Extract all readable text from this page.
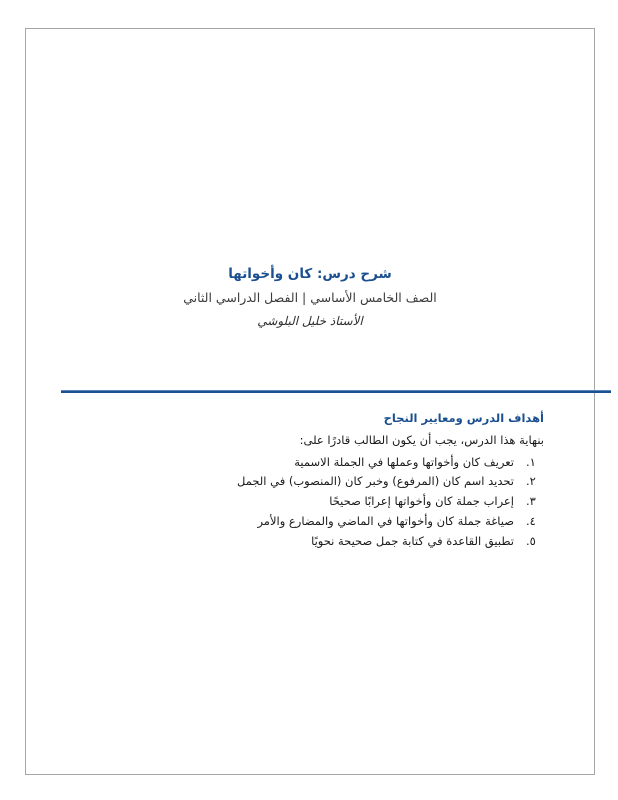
شرح درس: كان وأخواتها
الصف الخامس الأساسي | الفصل الدراسي الثاني
الأستاذ خليل البلوشي
أهداف الدرس ومعايير النجاح

بنهاية هذا الدرس، يجب أن يكون الطالب قادرًا على:

١.
تعريف كان وأخواتها وعملها في الجملة الاسمية
٢.
تحديد اسم كان (المرفوع) وخبر كان (المنصوب) في الجمل
٣.
إعراب جملة كان وأخواتها إعرابًا صحيحًا
٤.
صياغة جملة كان وأخواتها في الماضي والمضارع والأمر
٥.
تطبيق القاعدة في كتابة جمل صحيحة نحويًا
